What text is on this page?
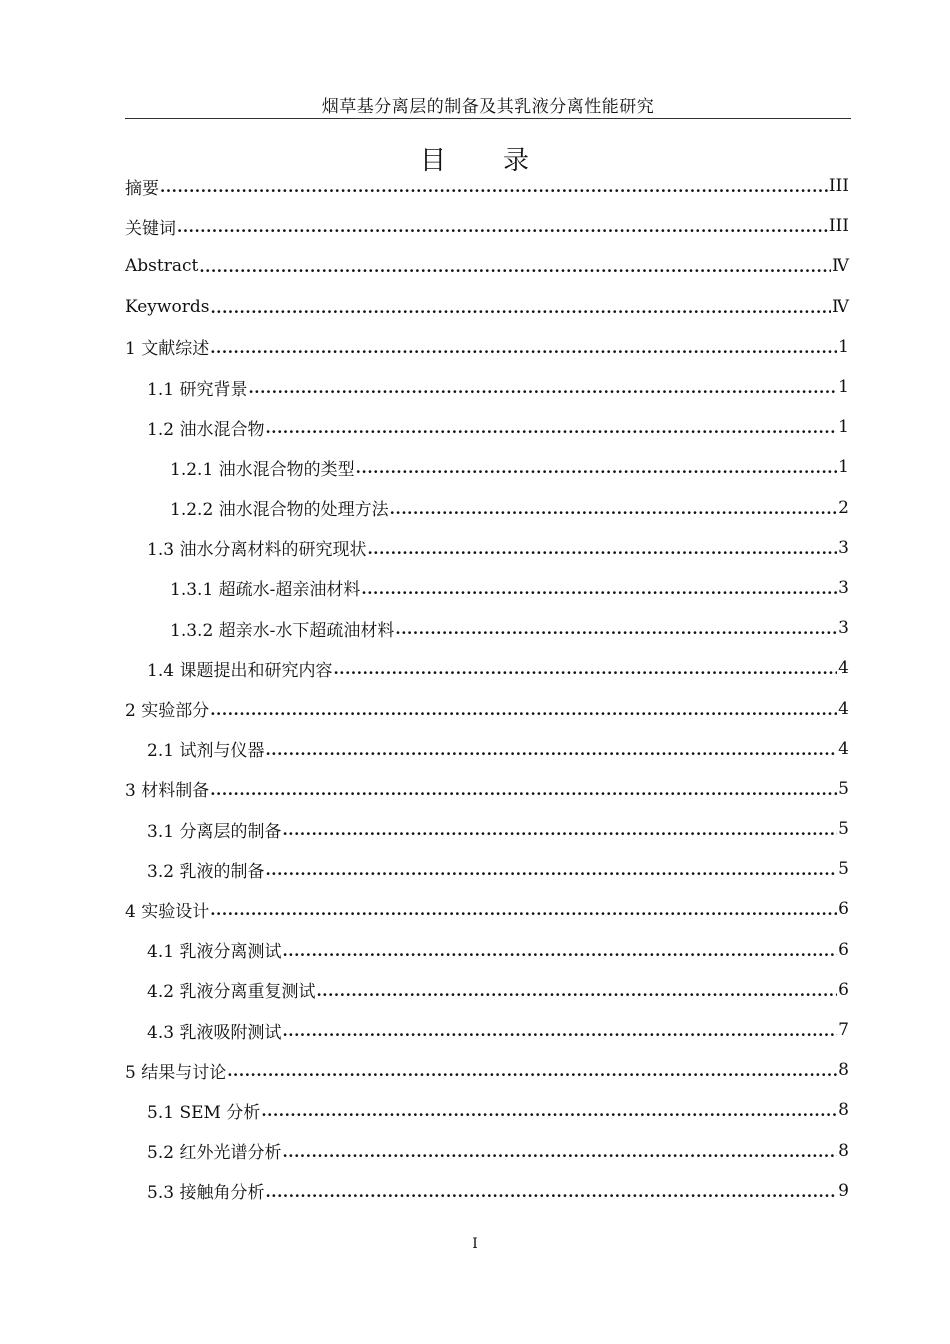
烟草基分离层的制备及其乳液分离性能研究
目 录
摘要 .....	III
关键词 .....	III
Abstract .....	Ⅳ
Keywords .....	Ⅳ
1 文献综述 .....	1
1.1 研究背景 .....	1
1.2 油水混合物 .....	1
1.2.1 油水混合物的类型 .....	1
1.2.2 油水混合物的处理方法 .....	2
1.3 油水分离材料的研究现状 .....	3
1.3.1 超疏水-超亲油材料 .....	3
1.3.2 超亲水-水下超疏油材料 .....	3
1.4 课题提出和研究内容 .....	4
2 实验部分 .....	4
2.1 试剂与仪器 .....	4
3 材料制备 .....	5
3.1 分离层的制备 .....	5
3.2 乳液的制备 .....	5
4 实验设计 .....	6
4.1 乳液分离测试 .....	6
4.2 乳液分离重复测试 .....	6
4.3 乳液吸附测试 .....	7
5 结果与讨论 .....	8
5.1 SEM 分析 .....	8
5.2 红外光谱分析 .....	8
5.3 接触角分析 .....	9
I
